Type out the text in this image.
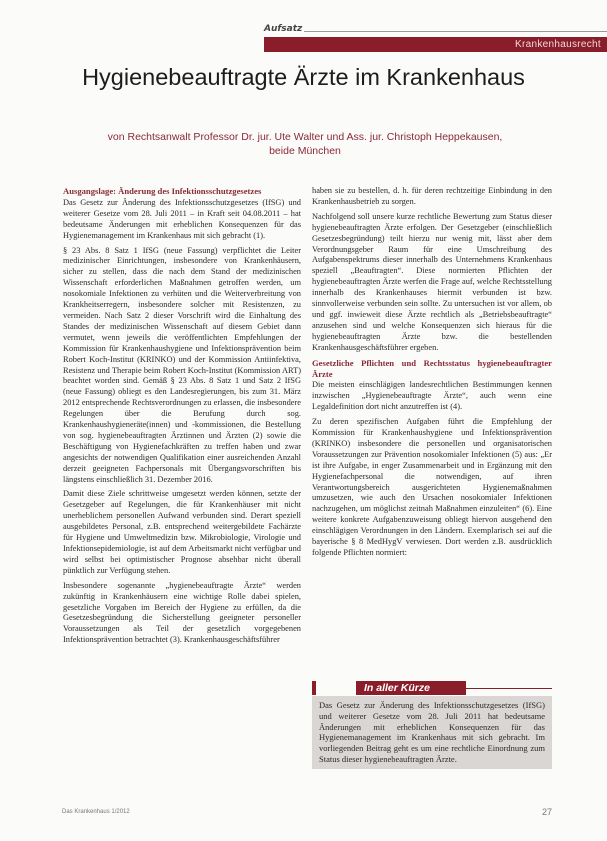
Aufsatz
Krankenhausrecht
Hygienebeauftragte Ärzte im Krankenhaus
von Rechtsanwalt Professor Dr. jur. Ute Walter und Ass. jur. Christoph Heppekausen,
beide München
Ausgangslage: Änderung des Infektionsschutzgesetzes

Das Gesetz zur Änderung des Infektionsschutzgesetzes (IfSG) und weiterer Gesetze vom 28. Juli 2011 – in Kraft seit 04.08.2011 – hat bedeutsame Änderungen mit erheblichen Konsequenzen für das Hygienemanagement im Krankenhaus mit sich gebracht (1).

§ 23 Abs. 8 Satz 1 IfSG (neue Fassung) verpflichtet die Leiter medizinischer Einrichtungen, insbesondere von Krankenhäusern, sicher zu stellen, dass die nach dem Stand der medizinischen Wissenschaft erforderlichen Maßnahmen getroffen werden, um nosokomiale Infektionen zu verhüten und die Weiterverbreitung von Krankheitserregern, insbesondere solcher mit Resistenzen, zu vermeiden. Nach Satz 2 dieser Vorschrift wird die Einhaltung des Standes der medizinischen Wissenschaft auf diesem Gebiet dann vermutet, wenn jeweils die veröffentlichten Empfehlungen der Kommission für Krankenhaushygiene und Infektionsprävention beim Robert Koch-Institut (KRINKO) und der Kommission Antiinfektiva, Resistenz und Therapie beim Robert Koch-Institut (Kommission ART) beachtet worden sind. Gemäß § 23 Abs. 8 Satz 1 und Satz 2 IfSG (neue Fassung) obliegt es den Landesregierungen, bis zum 31. März 2012 entsprechende Rechtsverordnungen zu erlassen, die insbesondere Regelungen über die Berufung durch sog. Krankenhaushygieneräte(innen) und -kommissionen, die Bestellung von sog. hygienebeauftragten Ärztinnen und Ärzten (2) sowie die Beschäftigung von Hygienefachkräften zu treffen haben und zwar angesichts der notwendigen Qualifikation einer ausreichenden Anzahl derzeit geeigneten Fachpersonals mit Übergangsvorschriften bis längstens einschließlich 31. Dezember 2016.

Damit diese Ziele schrittweise umgesetzt werden können, setzte der Gesetzgeber auf Regelungen, die für Krankenhäuser mit nicht unerheblichem personellen Aufwand verbunden sind. Derart speziell ausgebildetes Personal, z.B. entsprechend weitergebildete Fachärzte für Hygiene und Umweltmedizin bzw. Mikrobiologie, Virologie und Infektionsepidemiologie, ist auf dem Arbeitsmarkt nicht verfügbar und wird selbst bei optimistischer Prognose absehbar nicht überall pünktlich zur Verfügung stehen.

Insbesondere sogenannte „hygienebeauftragte Ärzte“ werden zukünftig in Krankenhäusern eine wichtige Rolle dabei spielen, gesetzliche Vorgaben im Bereich der Hygiene zu erfüllen, da die Gesetzesbegründung die Sicherstellung geeigneter personeller Voraussetzungen als Teil der gesetzlich vorgegebenen Infektionsprävention betrachtet (3). Krankenhausgeschäftsführer

haben sie zu bestellen, d. h. für deren rechtzeitige Einbindung in den Krankenhausbetrieb zu sorgen.

Nachfolgend soll unsere kurze rechtliche Bewertung zum Status dieser hygienebeauftragten Ärzte erfolgen. Der Gesetzgeber (einschließlich Gesetzesbegründung) teilt hierzu nur wenig mit, lässt aber dem Verordnungsgeber Raum für eine Umschreibung des Aufgabenspektrums dieser innerhalb des Unternehmens Krankenhaus speziell „Beauftragten“. Diese normierten Pflichten der hygienebeauftragten Ärzte werfen die Frage auf, welche Rechtsstellung innerhalb des Krankenhauses hiermit verbunden ist bzw. sinnvollerweise verbunden sein sollte. Zu untersuchen ist vor allem, ob und ggf. inwieweit diese Ärzte rechtlich als „Betriebsbeauftragte“ anzusehen sind und welche Konsequenzen sich hieraus für die hygienebeauftragten Ärzte bzw. die bestellenden Krankenhausgeschäftsführer ergeben.

Gesetzliche Pflichten und Rechtsstatus hygienebeauftragter Ärzte

Die meisten einschlägigen landesrechtlichen Bestimmungen kennen inzwischen „Hygienebeauftragte Ärzte“, auch wenn eine Legaldefinition dort nicht anzutreffen ist (4).

Zu deren spezifischen Aufgaben führt die Empfehlung der Kommission für Krankenhaushygiene und Infektionsprävention (KRINKO) insbesondere die personellen und organisatorischen Voraussetzungen zur Prävention nosokomialer Infektionen (5) aus: „Er ist ihre Aufgabe, in enger Zusammenarbeit und in Ergänzung mit den Hygienefachpersonal die notwendigen, auf ihren Verantwortungsbereich ausgerichteten Hygienemaßnahmen umzusetzen, wie auch den Ursachen nosokomialer Infektionen nachzugehen, um möglichst zeitnah Maßnahmen einzuleiten“ (6). Eine weitere konkrete Aufgabenzuweisung obliegt hiervon ausgehend den einschlägigen Verordnungen in den Ländern. Exemplarisch sei auf die bayerische § 8 MedHygV verwiesen. Dort werden z.B. ausdrücklich folgende Pflichten normiert:

In aller Kürze
Das Gesetz zur Änderung des Infektionsschutzgesetzes (IfSG) und weiterer Gesetze vom 28. Juli 2011 hat bedeutsame Änderungen mit erheblichen Konsequenzen für das Hygienemanagement im Krankenhaus mit sich gebracht. Im vorliegenden Beitrag geht es um eine rechtliche Einordnung zum Status dieser hygienebeauftragten Ärzte.
Das Krankenhaus 1/2012	27
